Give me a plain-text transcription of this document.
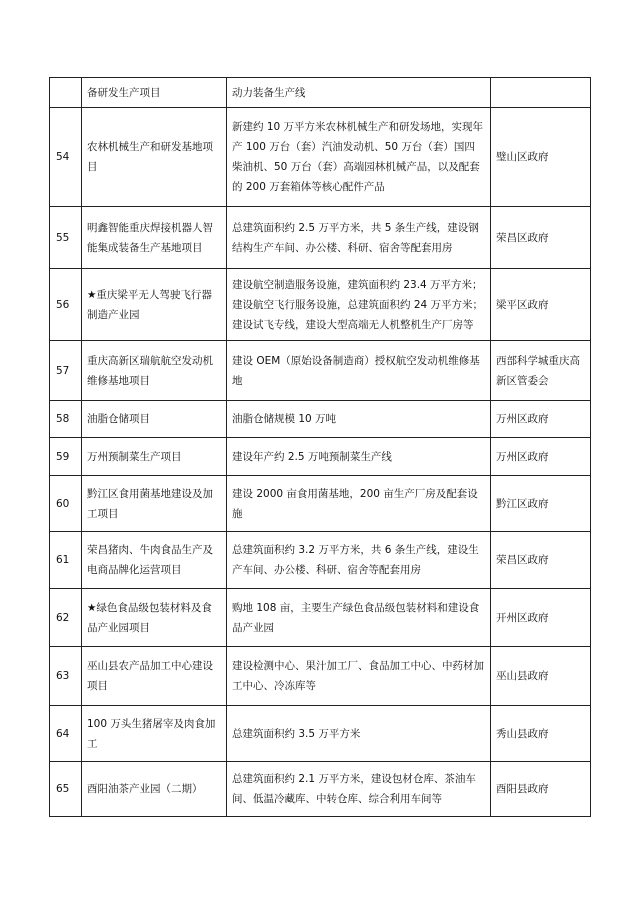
	备研发生产项目	动力装备生产线	
54	农林机械生产和研发基地项目	新建约 10 万平方米农林机械生产和研发场地，实现年产 100 万台（套）汽油发动机、50 万台（套）国四柴油机、50 万台（套）高端园林机械产品，以及配套的 200 万套箱体等核心配件产品	璧山区政府
55	明鑫智能重庆焊接机器人智能集成装备生产基地项目	总建筑面积约 2.5 万平方米，共 5 条生产线，建设钢结构生产车间、办公楼、科研、宿舍等配套用房	荣昌区政府
56	★重庆梁平无人驾驶飞行器制造产业园	建设航空制造服务设施，建筑面积约 23.4 万平方米；建设航空飞行服务设施，总建筑面积约 24 万平方米；建设试飞专线，建设大型高端无人机整机生产厂房等	梁平区政府
57	重庆高新区瑞航航空发动机维修基地项目	建设 OEM（原始设备制造商）授权航空发动机维修基地	西部科学城重庆高新区管委会
58	油脂仓储项目	油脂仓储规模 10 万吨	万州区政府
59	万州预制菜生产项目	建设年产约 2.5 万吨预制菜生产线	万州区政府
60	黔江区食用菌基地建设及加工项目	建设 2000 亩食用菌基地，200 亩生产厂房及配套设施	黔江区政府
61	荣昌猪肉、牛肉食品生产及电商品牌化运营项目	总建筑面积约 3.2 万平方米，共 6 条生产线，建设生产车间、办公楼、科研、宿舍等配套用房	荣昌区政府
62	★绿色食品级包装材料及食品产业园项目	购地 108 亩，主要生产绿色食品级包装材料和建设食品产业园	开州区政府
63	巫山县农产品加工中心建设项目	建设检测中心、果汁加工厂、食品加工中心、中药材加工中心、冷冻库等	巫山县政府
64	100 万头生猪屠宰及肉食加工	总建筑面积约 3.5 万平方米	秀山县政府
65	酉阳油茶产业园（二期）	总建筑面积约 2.1 万平方米，建设包材仓库、茶油车间、低温冷藏库、中转仓库、综合利用车间等	酉阳县政府
